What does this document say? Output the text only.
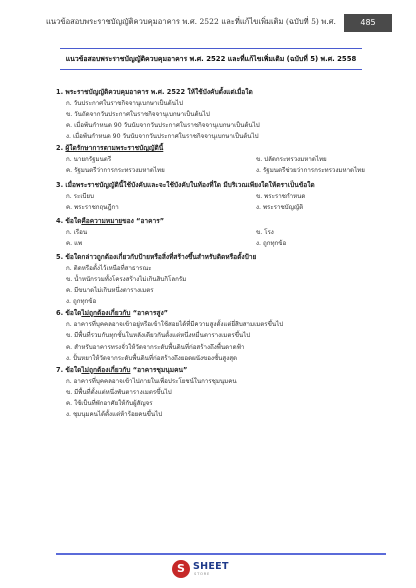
แนวข้อสอบพระราชบัญญัติควบคุมอาคาร พ.ศ. 2522 และที่แก้ไขเพิ่มเติม (ฉบับที่ 5) พ.ศ.	485
แนวข้อสอบพระราชบัญญัติควบคุมอาคาร พ.ศ. 2522 และที่แก้ไขเพิ่มเติม (ฉบับที่ 5) พ.ศ. 2558
1. พระราชบัญญัติควบคุมอาคาร พ.ศ. 2522 ให้ใช้บังคับตั้งแต่เมื่อใด
ก. วันประกาศในราชกิจจานุเบกษาเป็นต้นไป
ข. วันถัดจากวันประกาศในราชกิจจานุเบกษาเป็นต้นไป
ค. เมื่อพ้นกำหนด 90 วันนับจากวันประกาศในราชกิจจานุเบกษาเป็นต้นไป
ง. เมื่อพ้นกำหนด 90 วันนับจากวันประกาศในราชกิจจานุเบกษาเป็นต้นไป
2. ผู้ใดรักษาการตามพระราชบัญญัตินี้
ก. นายกรัฐมนตรี	ข. ปลัดกระทรวงมหาดไทย
ค. รัฐมนตรีว่าการกระทรวงมหาดไทย	ง. รัฐมนตรีช่วยว่าการกระทรวงมหาดไทย
3. เมื่อพระราชบัญญัตินี้ใช้บังคับและจะใช้บังคับในท้องที่ใด มีบริเวณเพียงใดให้ตราเป็นข้อใด
ก. ระเบียบ	ข. พระราชกำหนด
ค. พระราชกฤษฎีกา	ง. พระราชบัญญัติ
4. ข้อใดคือความหมายของ “อาคาร”
ก. เรือน	ข. โรง
ค. แพ	ง. ถูกทุกข้อ
5. ข้อใดกล่าวถูกต้องเกี่ยวกับป้ายหรือสิ่งที่สร้างขึ้นสำหรับติดหรือตั้งป้าย
ก. ติดหรือตั้งไว้เหนือที่สาธารณะ
ข. น้ำหนักรวมทั้งโครงสร้างไม่เกินสิบกิโลกรัม
ค. มีขนาดไม่เกินหนึ่งตารางเมตร
ง. ถูกทุกข้อ
6. ข้อใดไม่ถูกต้องเกี่ยวกับ “อาคารสูง”
ก. อาคารที่บุคคลอาจเข้าอยู่หรือเข้าใช้สอยได้ที่มีความสูงตั้งแต่ยี่สิบสามเมตรขึ้นไป
ข. มีพื้นที่รวมกันทุกชั้นในหลังเดียวกันตั้งแต่หนึ่งหมื่นตารางเมตรขึ้นไป
ค. สำหรับอาคารทรงจั่วให้วัดจากระดับพื้นดินที่ก่อสร้างถึงพื้นดาดฟ้า
ง. ปั้นหยาให้วัดจากระดับพื้นดินที่ก่อสร้างถึงยอดผนังของชั้นสูงสุด
7. ข้อใดไม่ถูกต้องเกี่ยวกับ “อาคารชุมนุมคน”
ก. อาคารที่บุคคลอาจเข้าไปภายในเพื่อประโยชน์ในการชุมนุมคน
ข. มีพื้นที่ตั้งแต่หนึ่งพันตารางเมตรขึ้นไป
ค. ใช้เป็นที่พักอาศัยให้กับผู้สัญจร
ง. ชุมนุมคนได้ตั้งแต่ห้าร้อยคนขึ้นไป
S SHEET
STORE
